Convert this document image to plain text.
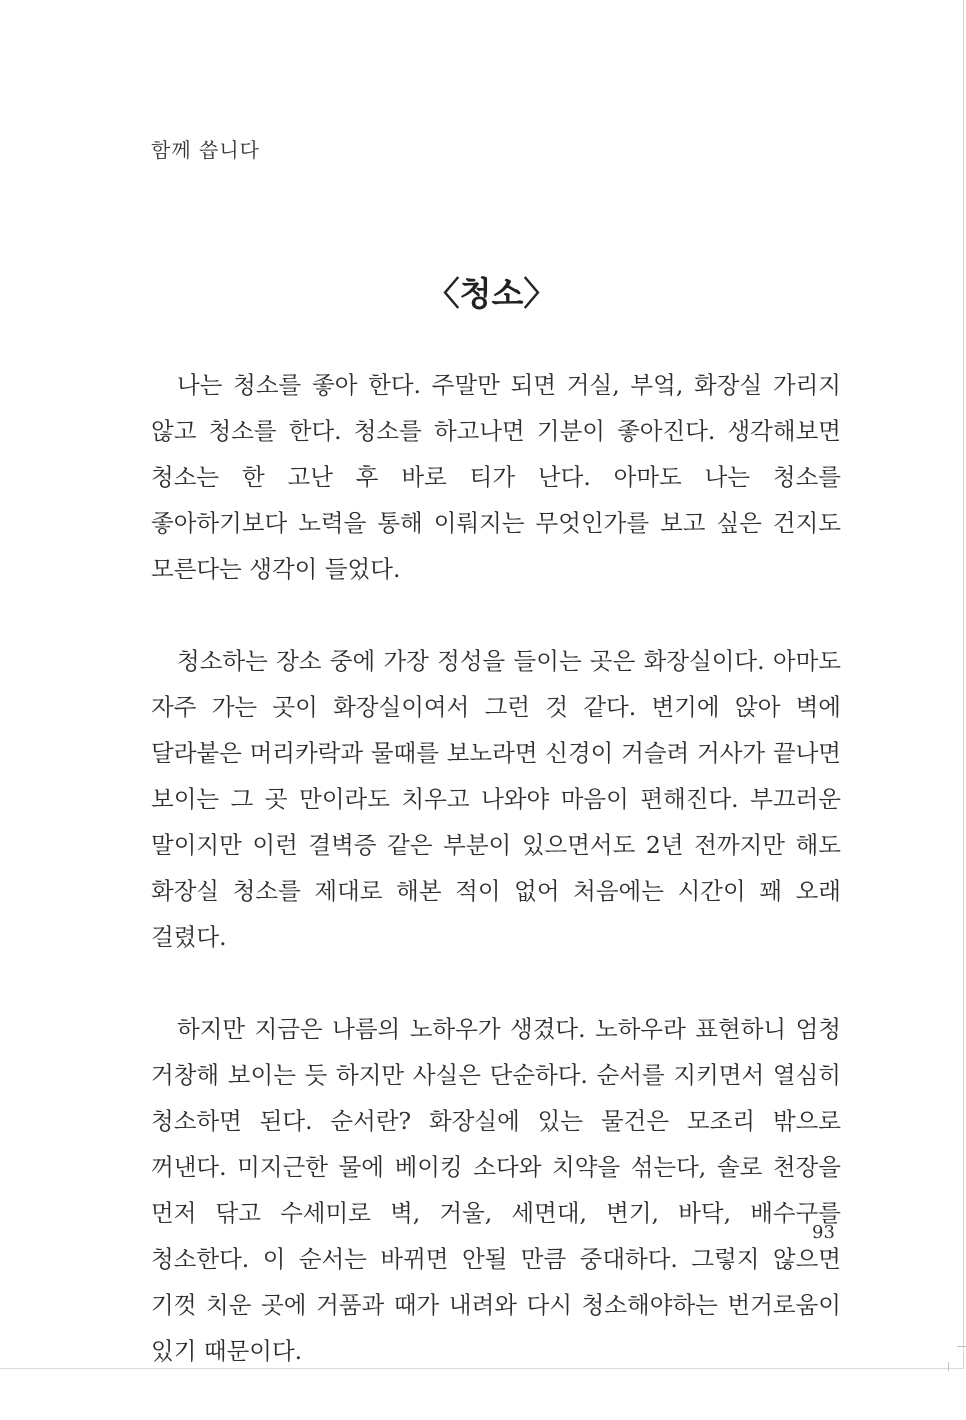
함께 씁니다
〈청소〉

나는 청소를 좋아 한다. 주말만 되면 거실, 부엌, 화장실 가리지 않고 청소를 한다. 청소를 하고나면 기분이 좋아진다. 생각해보면 청소는 한 고난 후 바로 티가 난다. 아마도 나는 청소를 좋아하기보다 노력을 통해 이뤄지는 무엇인가를 보고 싶은 건지도 모른다는 생각이 들었다.

청소하는 장소 중에 가장 정성을 들이는 곳은 화장실이다. 아마도 자주 가는 곳이 화장실이여서 그런 것 같다. 변기에 앉아 벽에 달라붙은 머리카락과 물때를 보노라면 신경이 거슬려 거사가 끝나면 보이는 그 곳 만이라도 치우고 나와야 마음이 편해진다. 부끄러운 말이지만 이런 결벽증 같은 부분이 있으면서도 2년 전까지만 해도 화장실 청소를 제대로 해본 적이 없어 처음에는 시간이 꽤 오래 걸렸다.

하지만 지금은 나름의 노하우가 생겼다. 노하우라 표현하니 엄청 거창해 보이는 듯 하지만 사실은 단순하다. 순서를 지키면서 열심히 청소하면 된다. 순서란? 화장실에 있는 물건은 모조리 밖으로 꺼낸다. 미지근한 물에 베이킹 소다와 치약을 섞는다, 솔로 천장을 먼저 닦고 수세미로 벽, 거울, 세면대, 변기, 바닥, 배수구를 청소한다. 이 순서는 바뀌면 안될 만큼 중대하다. 그렇지 않으면 기껏 치운 곳에 거품과 때가 내려와 다시 청소해야하는 번거로움이 있기 때문이다.

93
